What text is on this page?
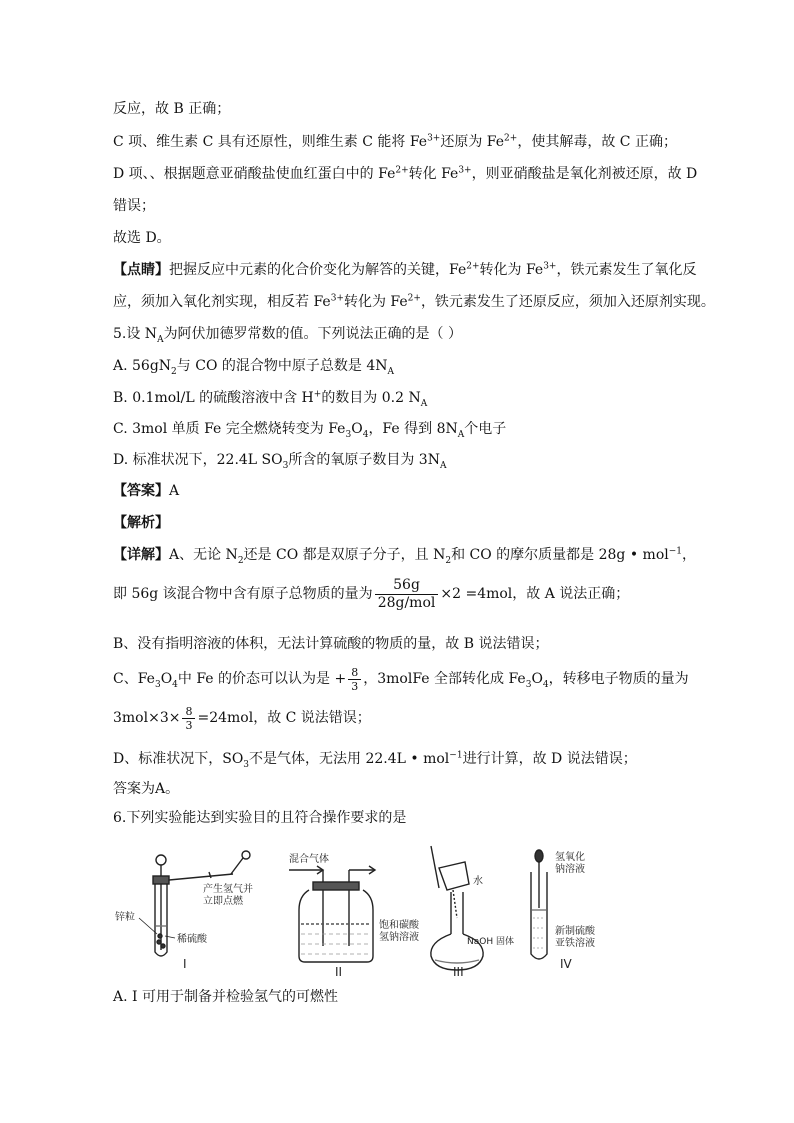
反应，故 B 正确；
C 项、维生素 C 具有还原性，则维生素 C 能将 $Fe^{3+}$还原为 $Fe^{2+}$，使其解毒，故 C 正确；
D 项、、根据题意亚硝酸盐使血红蛋白中的 $Fe^{2+}$转化 $Fe^{3+}$，则亚硝酸盐是氧化剂被还原，故 D
错误；
故选 D。
【点睛】把握反应中元素的化合价变化为解答的关键，$Fe^{2+}$转化为 $Fe^{3+}$，铁元素发生了氧化反
应，须加入氧化剂实现，相反若 $Fe^{3+}$转化为 $Fe^{2+}$，铁元素发生了还原反应，须加入还原剂实现。
5.设 $N_A$为阿伏加德罗常数的值。下列说法正确的是（ ）
A. $56gN_2$与 CO 的混合物中原子总数是 $4N_A$
B. 0.1mol/L 的硫酸溶液中含 H+的数目为 0.2 $N_A$
C. 3mol 单质 Fe 完全燃烧转变为 $Fe_3O_4$，Fe 得到 $8N_A$个电子
D. 标准状况下，22.4L $SO_3$所含的氧原子数目为 $3N_A$
【答案】A
【解析】
【详解】A、无论 $N_2$还是 CO 都是双原子分子，且 $N_2$和 CO 的摩尔质量都是 28g • mol$^{-1}$，
即 56g 该混合物中含有原子总物质的量为 $\frac{56g}{\text{28g/mol}} \times 2 =4mol$，故 A 说法正确；
B、没有指明溶液的体积，无法计算硫酸的物质的量，故 B 说法错误；
C、$Fe_3O_4$中 Fe 的价态可以认为是 + $\frac{8}{3}$ ，3molFe 全部转化成 $Fe_3O_4$，转移电子物质的量为
$3mol\times 3\times \frac{8}{3} =24mol$，故 C 说法错误；
D、标准状况下，$SO_3$不是气体，无法用 22.4L • mol$^{-1}$进行计算，故 D 说法错误；
答案为A。
6.下列实验能达到实验目的且符合操作要求的是
产生氢气并
立即点燃
锌粒
稀硫酸
I
混合气体
饱和碳酸
氢钠溶液
II
水
NaOH 固体
III
氢氧化
钠溶液
新制硫酸
亚铁溶液
IV
A. I 可用于制备并检验氢气的可燃性
